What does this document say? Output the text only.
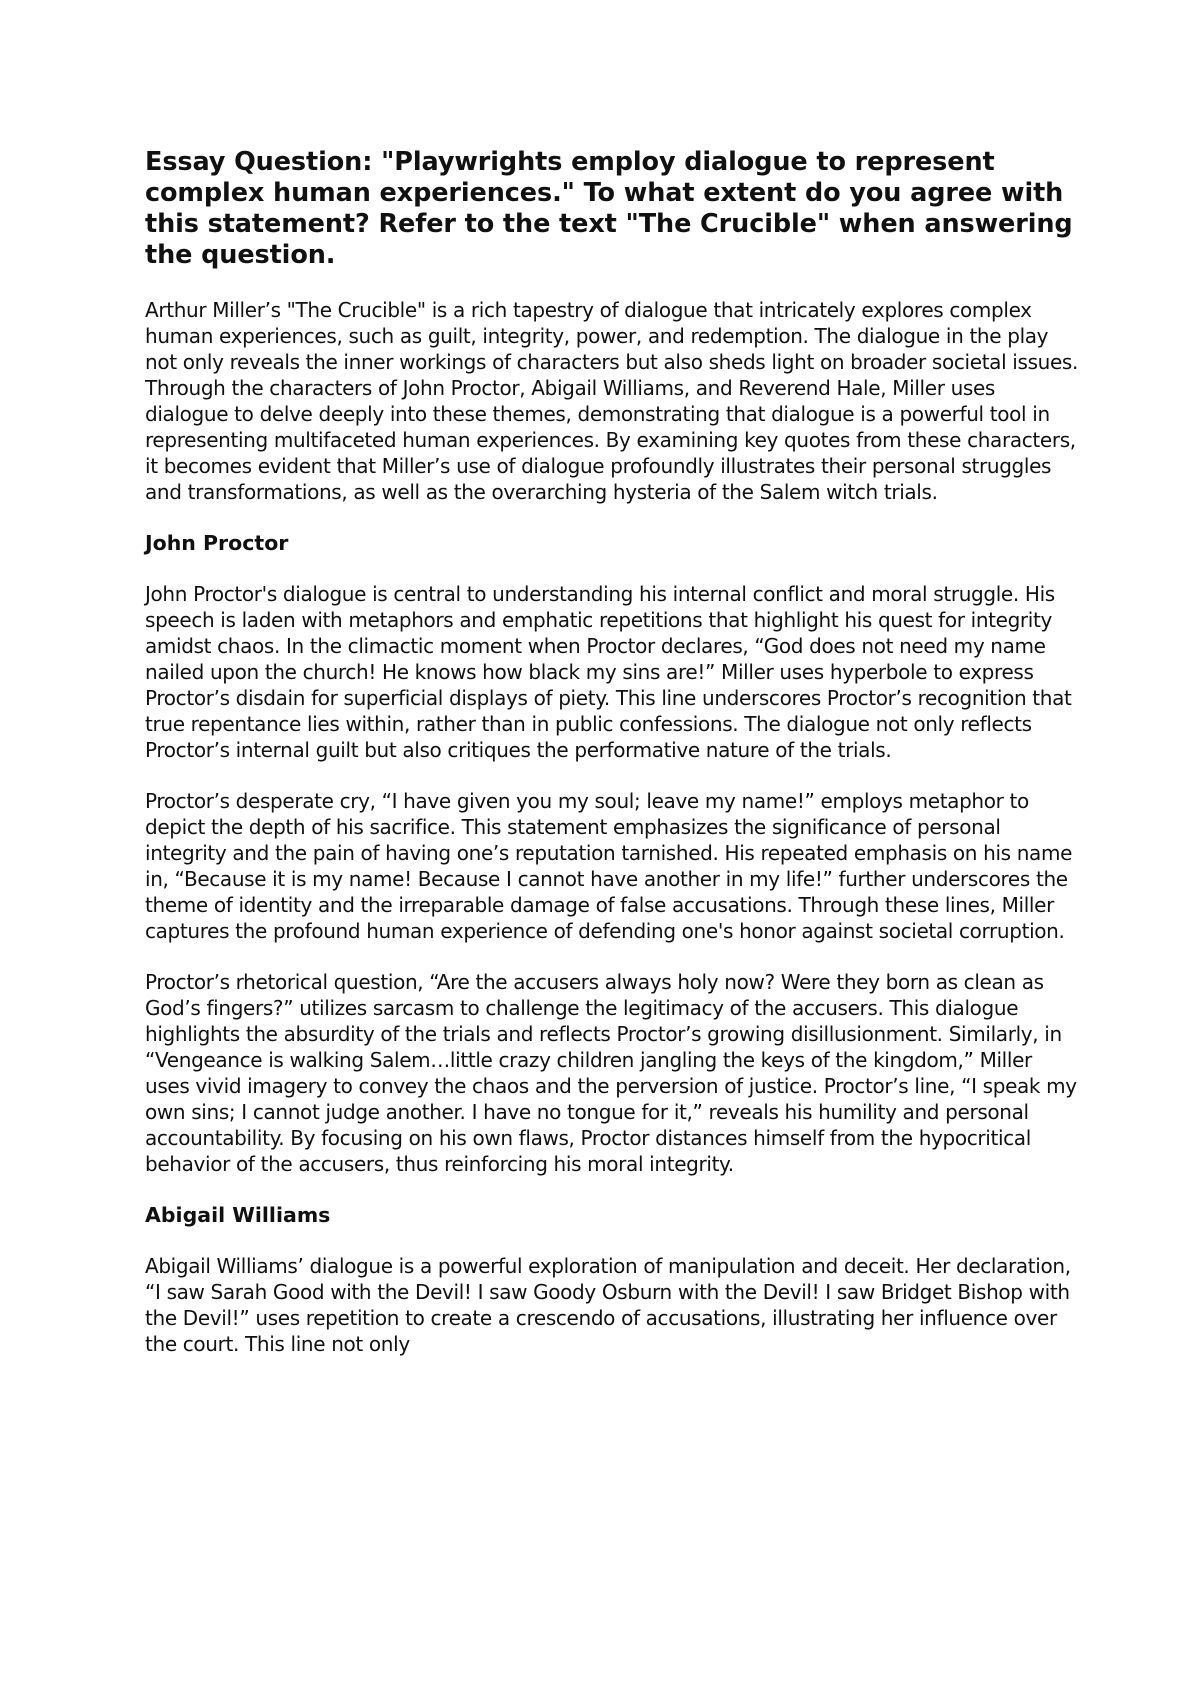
Essay Question: "Playwrights employ dialogue to represent complex human experiences." To what extent do you agree with this statement? Refer to the text "The Crucible" when answering the question.

Arthur Miller’s "The Crucible" is a rich tapestry of dialogue that intricately explores complex human experiences, such as guilt, integrity, power, and redemption. The dialogue in the play not only reveals the inner workings of characters but also sheds light on broader societal issues. Through the characters of John Proctor, Abigail Williams, and Reverend Hale, Miller uses dialogue to delve deeply into these themes, demonstrating that dialogue is a powerful tool in representing multifaceted human experiences. By examining key quotes from these characters, it becomes evident that Miller’s use of dialogue profoundly illustrates their personal struggles and transformations, as well as the overarching hysteria of the Salem witch trials.

John Proctor

John Proctor's dialogue is central to understanding his internal conflict and moral struggle. His speech is laden with metaphors and emphatic repetitions that highlight his quest for integrity amidst chaos. In the climactic moment when Proctor declares, “God does not need my name nailed upon the church! He knows how black my sins are!” Miller uses hyperbole to express Proctor’s disdain for superficial displays of piety. This line underscores Proctor’s recognition that true repentance lies within, rather than in public confessions. The dialogue not only reflects Proctor’s internal guilt but also critiques the performative nature of the trials.

Proctor’s desperate cry, “I have given you my soul; leave my name!” employs metaphor to depict the depth of his sacrifice. This statement emphasizes the significance of personal integrity and the pain of having one’s reputation tarnished. His repeated emphasis on his name in, “Because it is my name! Because I cannot have another in my life!” further underscores the theme of identity and the irreparable damage of false accusations. Through these lines, Miller captures the profound human experience of defending one's honor against societal corruption.

Proctor’s rhetorical question, “Are the accusers always holy now? Were they born as clean as God’s fingers?” utilizes sarcasm to challenge the legitimacy of the accusers. This dialogue highlights the absurdity of the trials and reflects Proctor’s growing disillusionment. Similarly, in “Vengeance is walking Salem…little crazy children jangling the keys of the kingdom,” Miller uses vivid imagery to convey the chaos and the perversion of justice. Proctor’s line, “I speak my own sins; I cannot judge another. I have no tongue for it,” reveals his humility and personal accountability. By focusing on his own flaws, Proctor distances himself from the hypocritical behavior of the accusers, thus reinforcing his moral integrity.

Abigail Williams

Abigail Williams’ dialogue is a powerful exploration of manipulation and deceit. Her declaration, “I saw Sarah Good with the Devil! I saw Goody Osburn with the Devil! I saw Bridget Bishop with the Devil!” uses repetition to create a crescendo of accusations, illustrating her influence over the court. This line not only
